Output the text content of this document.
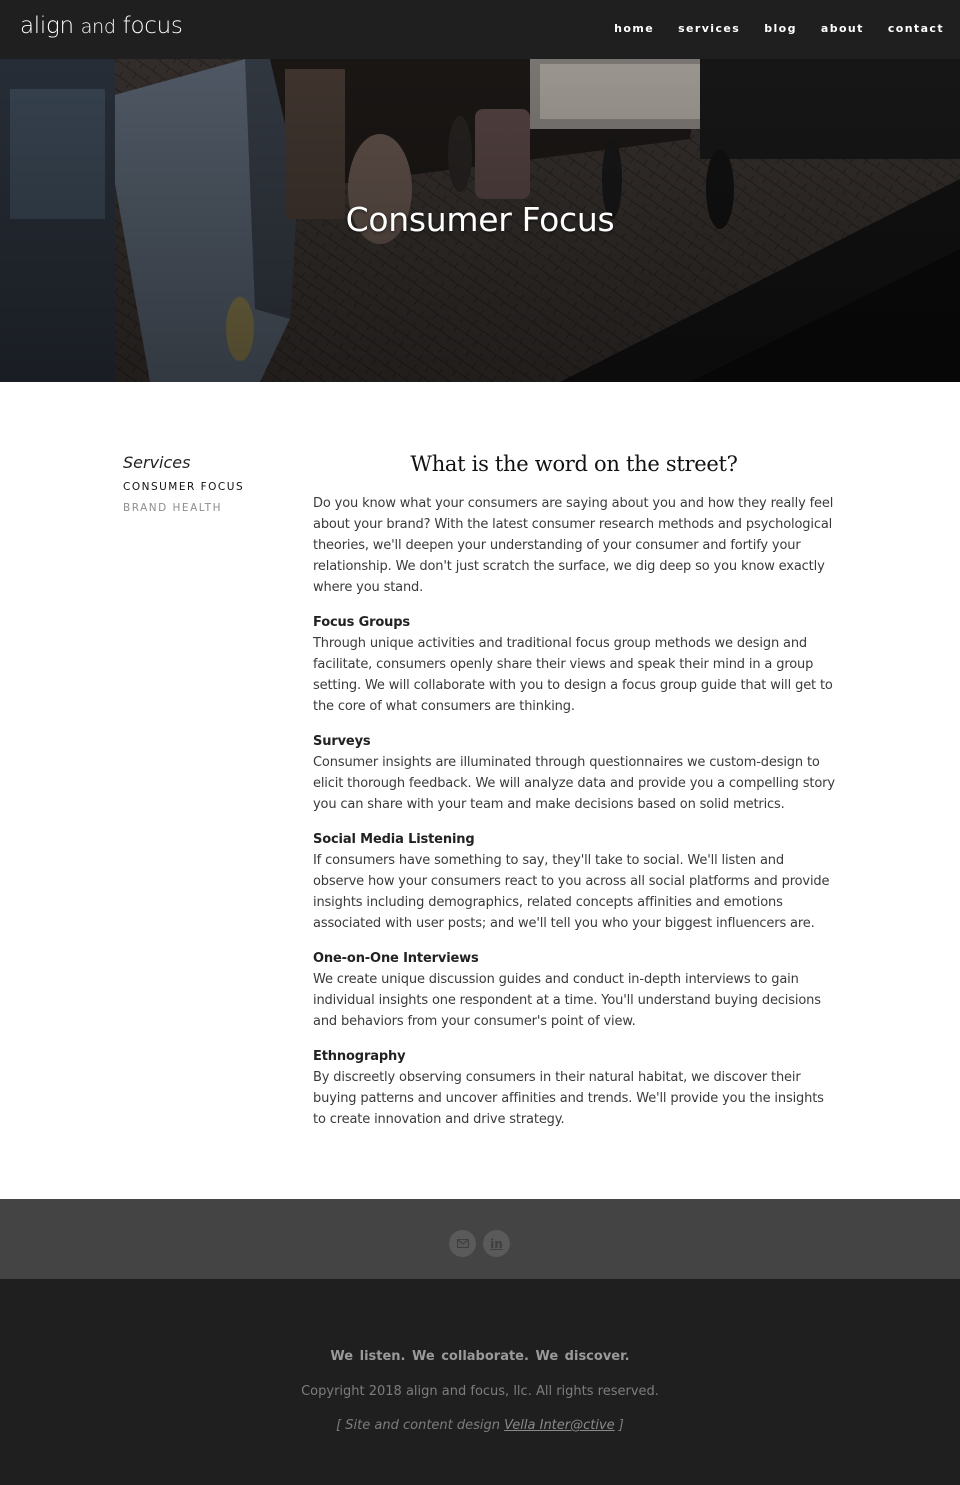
align and focus	home services blog about contact
Consumer Focus
Services
CONSUMER FOCUS
BRAND HEALTH
What is the word on the street?

Do you know what your consumers are saying about you and how they really feel about your brand? With the latest consumer research methods and psychological theories, we'll deepen your understanding of your consumer and fortify your relationship. We don't just scratch the surface, we dig deep so you know exactly where you stand.

Focus Groups
Through unique activities and traditional focus group methods we design and facilitate, consumers openly share their views and speak their mind in a group setting. We will collaborate with you to design a focus group guide that will get to the core of what consumers are thinking.

Surveys
Consumer insights are illuminated through questionnaires we custom-design to elicit thorough feedback. We will analyze data and provide you a compelling story you can share with your team and make decisions based on solid metrics.

Social Media Listening
If consumers have something to say, they'll take to social. We'll listen and observe how your consumers react to you across all social platforms and provide insights including demographics, related concepts affinities and emotions associated with user posts; and we'll tell you who your biggest influencers are.

One-on-One Interviews
We create unique discussion guides and conduct in-depth interviews to gain individual insights one respondent at a time. You'll understand buying decisions and behaviors from your consumer's point of view.

Ethnography
By discreetly observing consumers in their natural habitat, we discover their buying patterns and uncover affinities and trends. We'll provide you the insights to create innovation and drive strategy.

in
We listen. We collaborate. We discover.
Copyright 2018 align and focus, llc. All rights reserved.
[ Site and content design Vella Inter@ctive ]
